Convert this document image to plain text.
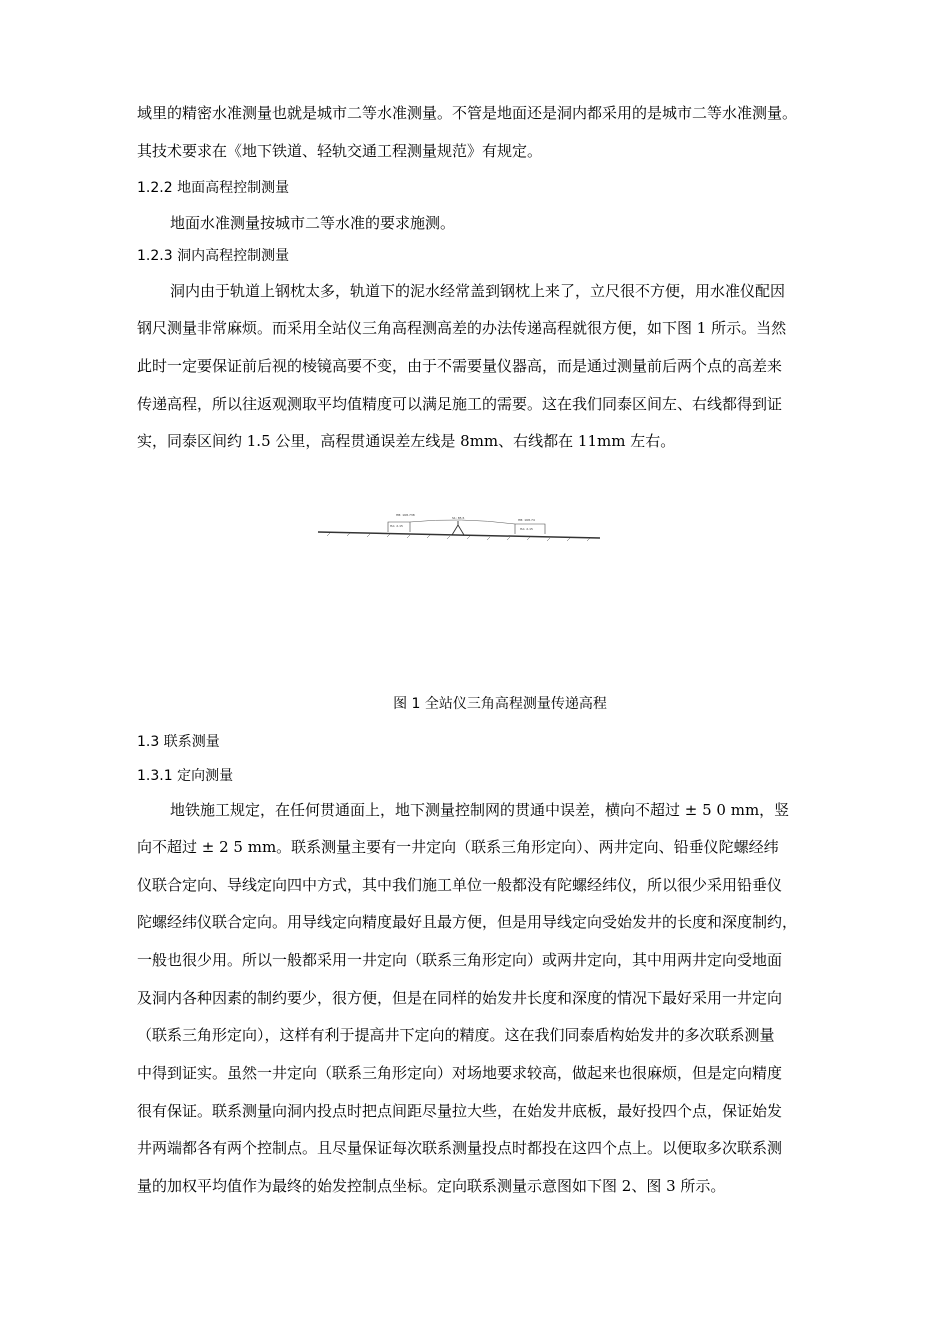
域里的精密水准测量也就是城市二等水准测量。不管是地面还是洞内都采用的是城市二等水准测量。
其技术要求在《地下铁道、轻轨交通工程测量规范》有规定。
1.2.2 地面高程控制测量
地面水准测量按城市二等水准的要求施测。
1.2.3 洞内高程控制测量
洞内由于轨道上钢枕太多，轨道下的泥水经常盖到钢枕上来了，立尺很不方便，用水准仪配因
钢尺测量非常麻烦。而采用全站仪三角高程测高差的办法传递高程就很方便，如下图 1 所示。当然
此时一定要保证前后视的棱镜高要不变，由于不需要量仪器高，而是通过测量前后两个点的高差来
传递高程，所以往返观测取平均值精度可以满足施工的需要。这在我们同泰区间左、右线都得到证
实，同泰区间约 1.5 公里，高程贯通误差左线是 8mm、右线都在 11mm 左右。
HB: 168.738
S1: 85.5	HB: 168.74
HA: 2.15
HA: 2.15
图 1 全站仪三角高程测量传递高程
1.3 联系测量
1.3.1 定向测量
地铁施工规定，在任何贯通面上，地下测量控制网的贯通中误差，横向不超过 ± 5 0 mm，竖
向不超过 ± 2 5 mm。联系测量主要有一井定向（联系三角形定向）、两井定向、铅垂仪陀螺经纬
仪联合定向、导线定向四中方式，其中我们施工单位一般都没有陀螺经纬仪，所以很少采用铅垂仪
陀螺经纬仪联合定向。用导线定向精度最好且最方便，但是用导线定向受始发井的长度和深度制约，
一般也很少用。所以一般都采用一井定向（联系三角形定向）或两井定向，其中用两井定向受地面
及洞内各种因素的制约要少，很方便，但是在同样的始发井长度和深度的情况下最好采用一井定向
（联系三角形定向），这样有利于提高井下定向的精度。这在我们同泰盾构始发井的多次联系测量
中得到证实。虽然一井定向（联系三角形定向）对场地要求较高，做起来也很麻烦，但是定向精度
很有保证。联系测量向洞内投点时把点间距尽量拉大些，在始发井底板，最好投四个点，保证始发
井两端都各有两个控制点。且尽量保证每次联系测量投点时都投在这四个点上。以便取多次联系测
量的加权平均值作为最终的始发控制点坐标。定向联系测量示意图如下图 2、图 3 所示。
